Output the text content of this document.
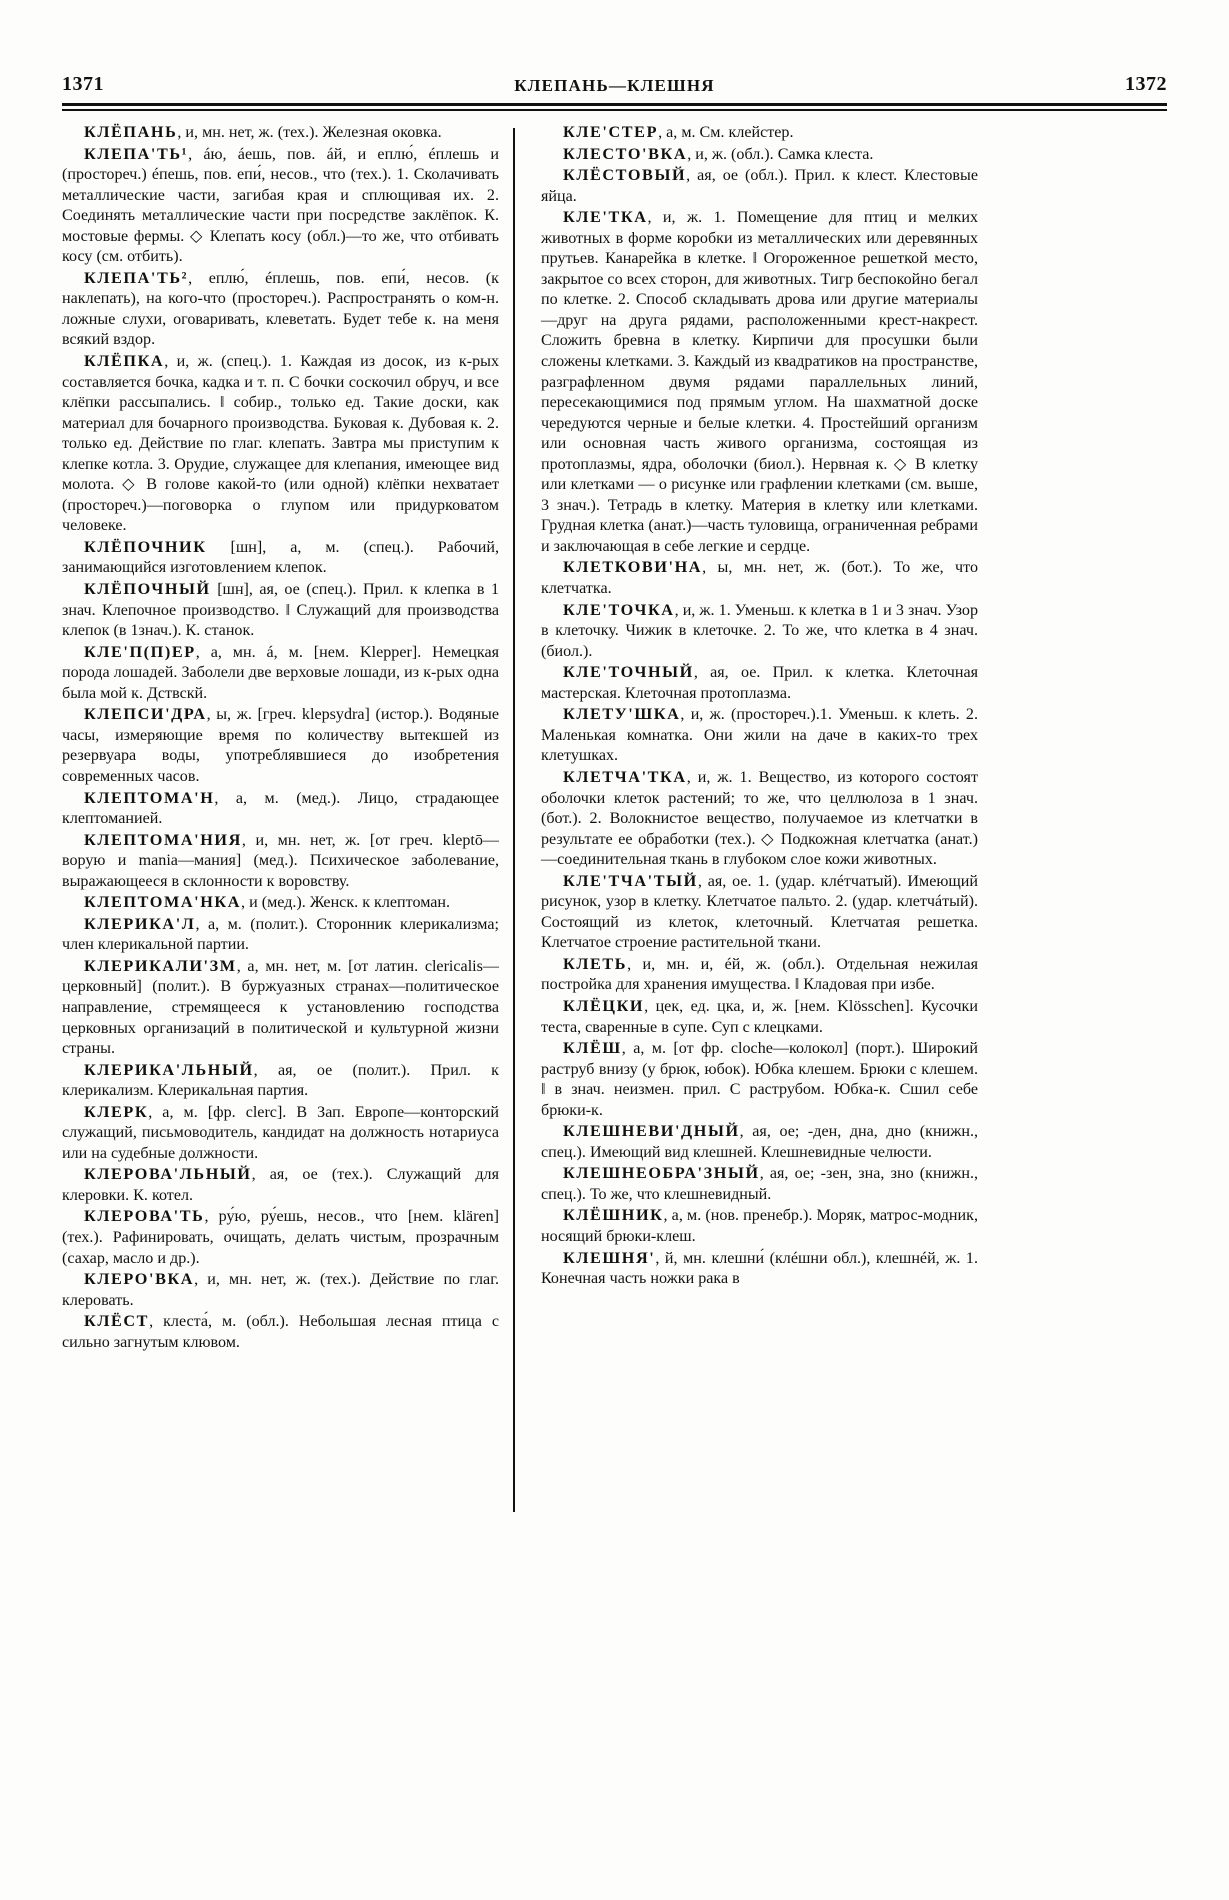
1371	КЛЕПАНЬ—КЛЕШНЯ	1372

КЛЁПАНЬ, и, мн. нет, ж. (тех.). Железная оковка.

КЛЕПА'ТЬ¹, áю, áешь, пов. áй, и еплю́, éплешь и (простореч.) éпешь, пов. епи́, несов., что (тех.). 1. Сколачивать металлические части, загибая края и сплющивая их. 2. Соединять металлические части при посредстве заклёпок. К. мостовые фермы. ◇ Клепать косу (обл.)—то же, что отбивать косу (см. отбить).

КЛЕПА'ТЬ², еплю́, éплешь, пов. епи́, несов. (к наклепать), на кого-что (простореч.). Распространять о ком-н. ложные слухи, оговаривать, клеветать. Будет тебе к. на меня всякий вздор.

КЛЁПКА, и, ж. (спец.). 1. Каждая из досок, из к-рых составляется бочка, кадка и т. п. С бочки соскочил обруч, и все клёпки рассыпались. ‖ собир., только ед. Такие доски, как материал для бочарного производства. Буковая к. Дубовая к. 2. только ед. Действие по глаг. клепать. Завтра мы приступим к клепке котла. 3. Орудие, служащее для клепания, имеющее вид молота. ◇ В голове какой-то (или одной) клёпки нехватает (простореч.)—поговорка о глупом или придурковатом человеке.

КЛЁПОЧНИК [шн], а, м. (спец.). Рабочий, занимающийся изготовлением клепок.

КЛЁПОЧНЫЙ [шн], ая, ое (спец.). Прил. к клепка в 1 знач. Клепочное производство. ‖ Служащий для производства клепок (в 1знач.). К. станок.

КЛЕ'П(П)ЕР, а, мн. á, м. [нем. Klepper]. Немецкая порода лошадей. Заболели две верховые лошади, из к-рых одна была мой к. Дствскй.

КЛЕПСИ'ДРА, ы, ж. [греч. klepsydra] (истор.). Водяные часы, измеряющие время по количеству вытекшей из резервуара воды, употреблявшиеся до изобретения современных часов.

КЛЕПТОМА'Н, а, м. (мед.). Лицо, страдающее клептоманией.

КЛЕПТОМА'НИЯ, и, мн. нет, ж. [от греч. kleptō—ворую и mania—мания] (мед.). Психическое заболевание, выражающееся в склонности к воровству.

КЛЕПТОМА'НКА, и (мед.). Женск. к клептоман.

КЛЕРИКА'Л, а, м. (полит.). Сторонник клерикализма; член клерикальной партии.

КЛЕРИКАЛИ'ЗМ, а, мн. нет, м. [от латин. clericalis—церковный] (полит.). В буржуазных странах—политическое направление, стремящееся к установлению господства церковных организаций в политической и культурной жизни страны.

КЛЕРИКА'ЛЬНЫЙ, ая, ое (полит.). Прил. к клерикализм. Клерикальная партия.

КЛЕРК, а, м. [фр. clerc]. В Зап. Европе—конторский служащий, письмоводитель, кандидат на должность нотариуса или на судебные должности.

КЛЕРОВА'ЛЬНЫЙ, ая, ое (тех.). Служащий для клеровки. К. котел.

КЛЕРОВА'ТЬ, ру́ю, ру́ешь, несов., что [нем. klären] (тех.). Рафинировать, очищать, делать чистым, прозрачным (сахар, масло и др.).

КЛЕРО'ВКА, и, мн. нет, ж. (тех.). Действие по глаг. клеровать.

КЛЁСТ, клеста́, м. (обл.). Небольшая лесная птица с сильно загнутым клювом.

КЛЕ'СТЕР, а, м. См. клейстер.

КЛЕСТО'ВКА, и, ж. (обл.). Самка клеста.

КЛЁСТОВЫЙ, ая, ое (обл.). Прил. к клест. Клестовые яйца.

КЛЕ'ТКА, и, ж. 1. Помещение для птиц и мелких животных в форме коробки из металлических или деревянных прутьев. Канарейка в клетке. ‖ Огороженное решеткой место, закрытое со всех сторон, для животных. Тигр беспокойно бегал по клетке. 2. Способ складывать дрова или другие материалы—друг на друга рядами, расположенными крест-накрест. Сложить бревна в клетку. Кирпичи для просушки были сложены клетками. 3. Каждый из квадратиков на пространстве, разграфленном двумя рядами параллельных линий, пересекающимися под прямым углом. На шахматной доске чередуются черные и белые клетки. 4. Простейший организм или основная часть живого организма, состоящая из протоплазмы, ядра, оболочки (биол.). Нервная к. ◇ В клетку или клетками — о рисунке или графлении клетками (см. выше, 3 знач.). Тетрадь в клетку. Материя в клетку или клетками. Грудная клетка (анат.)—часть туловища, ограниченная ребрами и заключающая в себе легкие и сердце.

КЛЕТКОВИ'НА, ы, мн. нет, ж. (бот.). То же, что клетчатка.

КЛЕ'ТОЧКА, и, ж. 1. Уменьш. к клетка в 1 и 3 знач. Узор в клеточку. Чижик в клеточке. 2. То же, что клетка в 4 знач. (биол.).

КЛЕ'ТОЧНЫЙ, ая, ое. Прил. к клетка. Клеточная мастерская. Клеточная протоплазма.

КЛЕТУ'ШКА, и, ж. (простореч.).1. Уменьш. к клеть. 2. Маленькая комнатка. Они жили на даче в каких-то трех клетушках.

КЛЕТЧА'ТКА, и, ж. 1. Вещество, из которого состоят оболочки клеток растений; то же, что целлюлоза в 1 знач. (бот.). 2. Волокнистое вещество, получаемое из клетчатки в результате ее обработки (тех.). ◇ Подкожная клетчатка (анат.)—соединительная ткань в глубоком слое кожи животных.

КЛЕ'ТЧА'ТЫЙ, ая, ое. 1. (удар. клéтчатый). Имеющий рисунок, узор в клетку. Клетчатое пальто. 2. (удар. клетчáтый). Состоящий из клеток, клеточный. Клетчатая решетка. Клетчатое строение растительной ткани.

КЛЕТЬ, и, мн. и, éй, ж. (обл.). Отдельная нежилая постройка для хранения имущества. ‖ Кладовая при избе.

КЛЁЦКИ, цек, ед. цка, и, ж. [нем. Klösschen]. Кусочки теста, сваренные в супе. Суп с клецками.

КЛЁШ, а, м. [от фр. cloche—колокол] (порт.). Широкий раструб внизу (у брюк, юбок). Юбка клешем. Брюки с клешем. ‖ в знач. неизмен. прил. С раструбом. Юбка-к. Сшил себе брюки-к.

КЛЕШНЕВИ'ДНЫЙ, ая, ое; -ден, дна, дно (книжн., спец.). Имеющий вид клешней. Клешневидные челюсти.

КЛЕШНЕОБРА'ЗНЫЙ, ая, ое; -зен, зна, зно (книжн., спец.). То же, что клешневидный.

КЛЁШНИК, а, м. (нов. пренебр.). Моряк, матрос-модник, носящий брюки-клеш.

КЛЕШНЯ', й, мн. клешни́ (клéшни обл.), клешнéй, ж. 1. Конечная часть ножки рака в
